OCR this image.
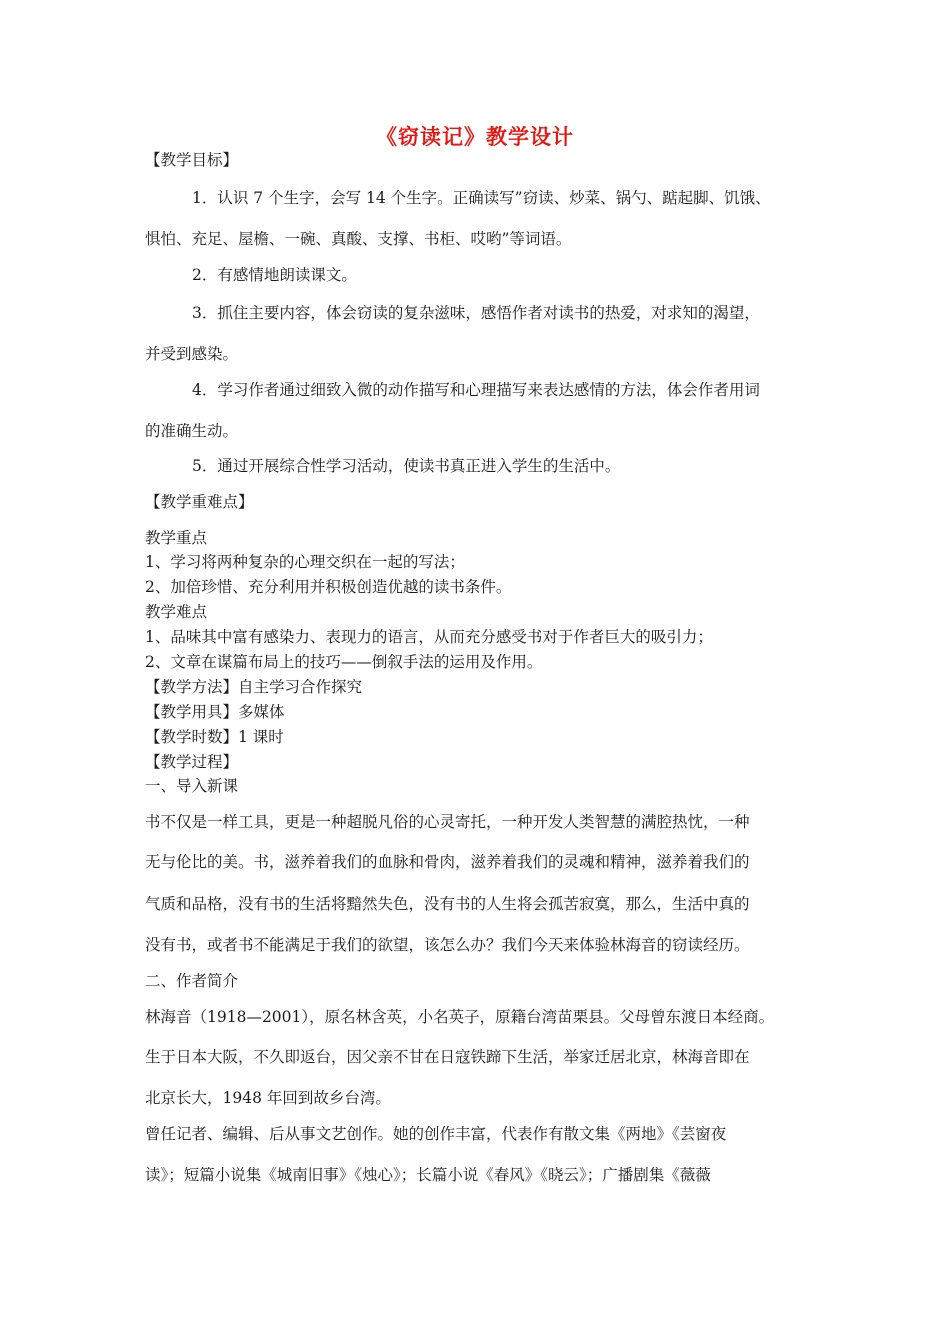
《窃读记》教学设计
【教学目标】
1．认识 7 个生字，会写 14 个生字。正确读写”窃读、炒菜、锅勺、踮起脚、饥饿、
惧怕、充足、屋檐、一碗、真酸、支撑、书柜、哎哟”等词语。
2．有感情地朗读课文。
3．抓住主要内容，体会窃读的复杂滋味，感悟作者对读书的热爱，对求知的渴望，
并受到感染。
4．学习作者通过细致入微的动作描写和心理描写来表达感情的方法，体会作者用词
的准确生动。
5．通过开展综合性学习活动，使读书真正进入学生的生活中。
【教学重难点】
教学重点
1、学习将两种复杂的心理交织在一起的写法；
2、加倍珍惜、充分利用并积极创造优越的读书条件。
教学难点
1、品味其中富有感染力、表现力的语言，从而充分感受书对于作者巨大的吸引力；
2、文章在谋篇布局上的技巧——倒叙手法的运用及作用。
【教学方法】自主学习合作探究
【教学用具】多媒体
【教学时数】1 课时
【教学过程】
一、导入新课
书不仅是一样工具，更是一种超脱凡俗的心灵寄托，一种开发人类智慧的满腔热忱，一种
无与伦比的美。书，滋养着我们的血脉和骨肉，滋养着我们的灵魂和精神，滋养着我们的
气质和品格，没有书的生活将黯然失色，没有书的人生将会孤苦寂寞，那么，生活中真的
没有书，或者书不能满足于我们的欲望，该怎么办？我们今天来体验林海音的窃读经历。
二、作者简介
林海音（1918—2001），原名林含英，小名英子，原籍台湾苗栗县。父母曾东渡日本经商。
生于日本大阪，不久即返台，因父亲不甘在日寇铁蹄下生活，举家迁居北京，林海音即在
北京长大，1948 年回到故乡台湾。
曾任记者、编辑、后从事文艺创作。她的创作丰富，代表作有散文集《两地》《芸窗夜
读》；短篇小说集《城南旧事》《烛心》；长篇小说《春风》《晓云》；广播剧集《薇薇
